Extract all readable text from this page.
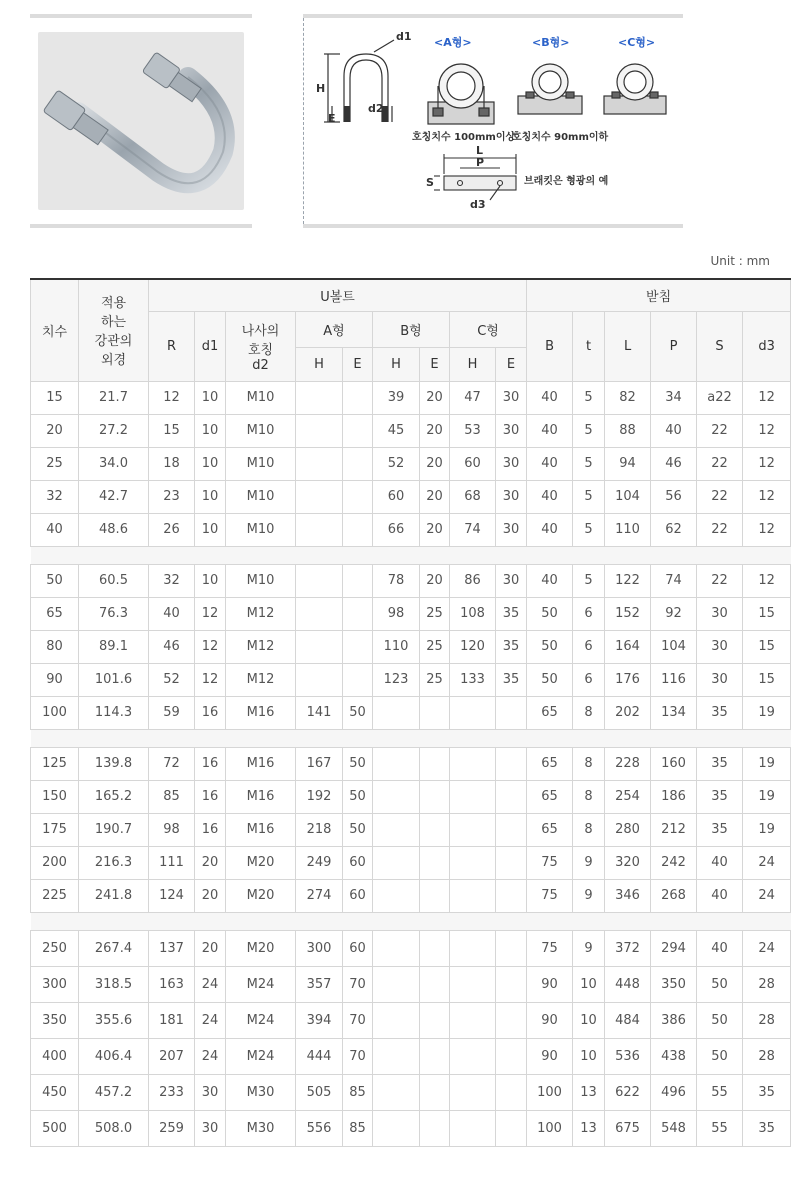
d1
H
E
d2
<A형>	<B형>	<C형>
호칭치수 100mm이상
호칭치수 90mm이하
L
P
S
d3
브래킷은 형광의 예
Unit : mm
치수	적용
하는
강관의
외경	U볼트									받침					
		R	d1	나사의
호칭
d2	A형		B형		C형		B	t	L	P	S	d3
					H	E	H	E	H	E						
15	21.7	12	10	M10			39	20	47	30	40	5	82	34	a22	12
20	27.2	15	10	M10			45	20	53	30	40	5	88	40	22	12
25	34.0	18	10	M10			52	20	60	30	40	5	94	46	22	12
32	42.7	23	10	M10			60	20	68	30	40	5	104	56	22	12
40	48.6	26	10	M10			66	20	74	30	40	5	110	62	22	12

50	60.5	32	10	M10			78	20	86	30	40	5	122	74	22	12
65	76.3	40	12	M12			98	25	108	35	50	6	152	92	30	15
80	89.1	46	12	M12			110	25	120	35	50	6	164	104	30	15
90	101.6	52	12	M12			123	25	133	35	50	6	176	116	30	15
100	114.3	59	16	M16	141	50					65	8	202	134	35	19

125	139.8	72	16	M16	167	50					65	8	228	160	35	19
150	165.2	85	16	M16	192	50					65	8	254	186	35	19
175	190.7	98	16	M16	218	50					65	8	280	212	35	19
200	216.3	111	20	M20	249	60					75	9	320	242	40	24
225	241.8	124	20	M20	274	60					75	9	346	268	40	24

250	267.4	137	20	M20	300	60					75	9	372	294	40	24
300	318.5	163	24	M24	357	70					90	10	448	350	50	28
350	355.6	181	24	M24	394	70					90	10	484	386	50	28
400	406.4	207	24	M24	444	70					90	10	536	438	50	28
450	457.2	233	30	M30	505	85					100	13	622	496	55	35
500	508.0	259	30	M30	556	85					100	13	675	548	55	35
